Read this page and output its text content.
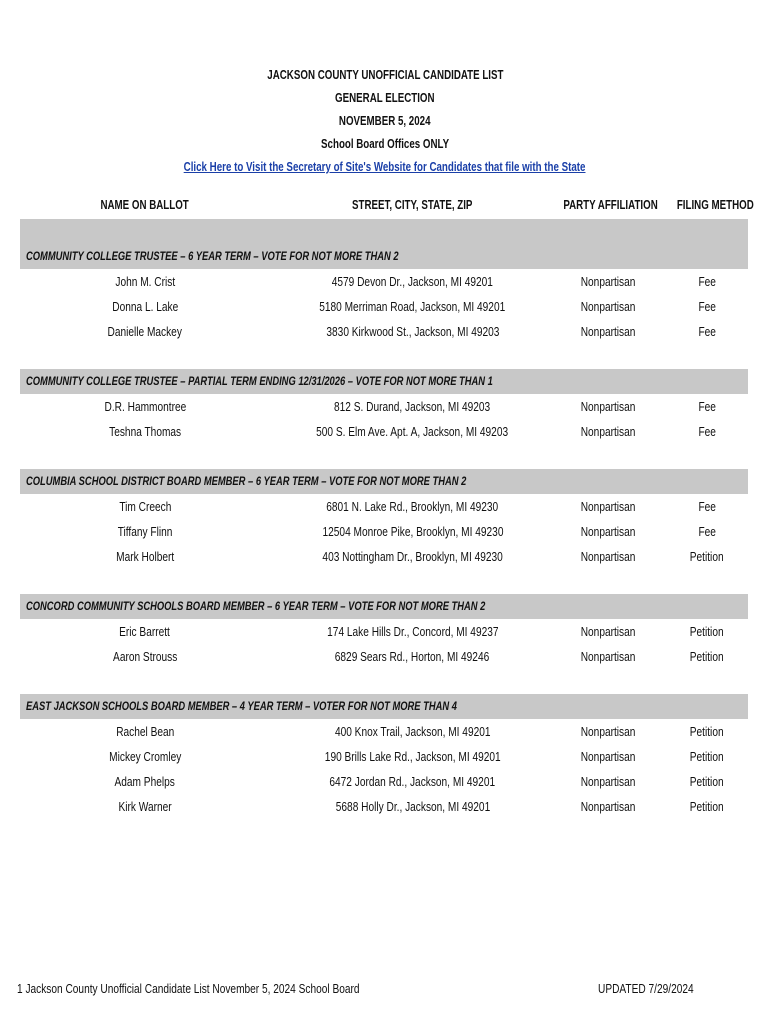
JACKSON COUNTY UNOFFICIAL CANDIDATE LIST
GENERAL ELECTION
NOVEMBER 5, 2024
School Board Offices ONLY
Click Here to Visit the Secretary of Site's Website for Candidates that file with the State
NAME ON BALLOT	STREET, CITY, STATE, ZIP	PARTY AFFILIATION	FILING METHOD
COMMUNITY COLLEGE TRUSTEE – 6 YEAR TERM – VOTE FOR NOT MORE THAN 2
John M. Crist	4579 Devon Dr., Jackson, MI 49201	Nonpartisan	Fee
Donna L. Lake	5180 Merriman Road, Jackson, MI 49201	Nonpartisan	Fee
Danielle Mackey	3830 Kirkwood St., Jackson, MI 49203	Nonpartisan	Fee
COMMUNITY COLLEGE TRUSTEE – PARTIAL TERM ENDING 12/31/2026 – VOTE FOR NOT MORE THAN 1
D.R. Hammontree	812 S. Durand, Jackson, MI 49203	Nonpartisan	Fee
Teshna Thomas	500 S. Elm Ave. Apt. A, Jackson, MI 49203	Nonpartisan	Fee
COLUMBIA SCHOOL DISTRICT BOARD MEMBER – 6 YEAR TERM – VOTE FOR NOT MORE THAN 2
Tim Creech	6801 N. Lake Rd., Brooklyn, MI 49230	Nonpartisan	Fee
Tiffany Flinn	12504 Monroe Pike, Brooklyn, MI 49230	Nonpartisan	Fee
Mark Holbert	403 Nottingham Dr., Brooklyn, MI 49230	Nonpartisan	Petition
CONCORD COMMUNITY SCHOOLS BOARD MEMBER – 6 YEAR TERM – VOTE FOR NOT MORE THAN 2
Eric Barrett	174 Lake Hills Dr., Concord, MI 49237	Nonpartisan	Petition
Aaron Strouss	6829 Sears Rd., Horton, MI 49246	Nonpartisan	Petition
EAST JACKSON SCHOOLS BOARD MEMBER – 4 YEAR TERM – VOTER FOR NOT MORE THAN 4
Rachel Bean	400 Knox Trail, Jackson, MI 49201	Nonpartisan	Petition
Mickey Cromley	190 Brills Lake Rd., Jackson, MI 49201	Nonpartisan	Petition
Adam Phelps	6472 Jordan Rd., Jackson, MI 49201	Nonpartisan	Petition
Kirk Warner	5688 Holly Dr., Jackson, MI 49201	Nonpartisan	Petition
1 Jackson County Unofficial Candidate List November 5, 2024 School Board	UPDATED 7/29/2024
